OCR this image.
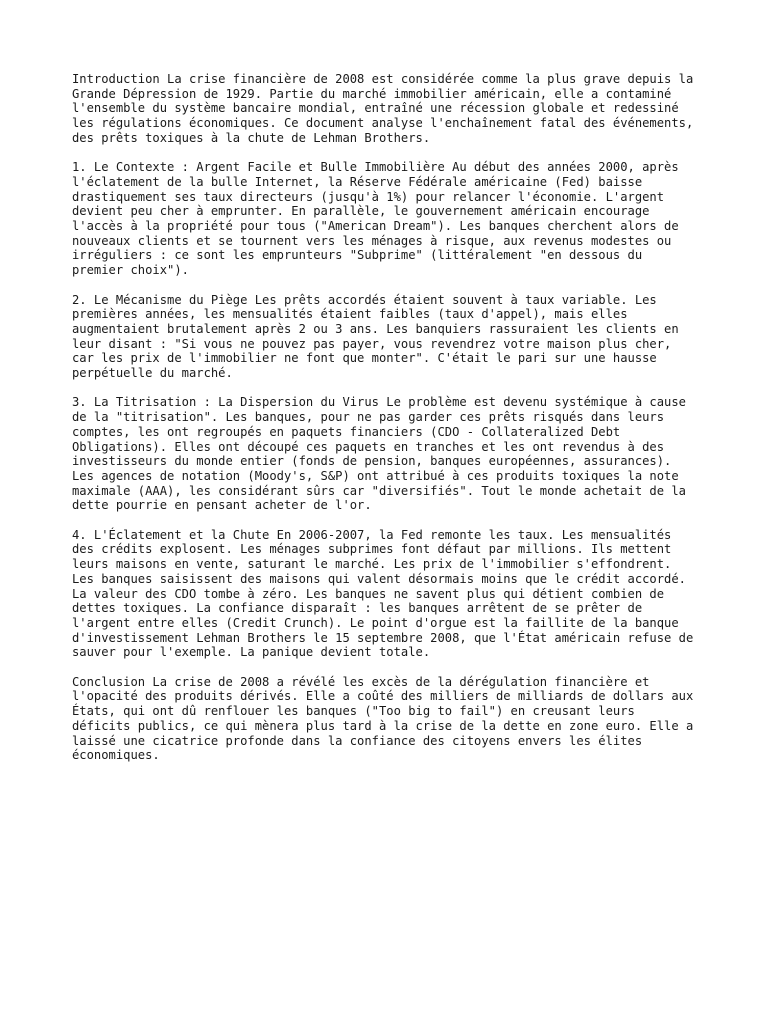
Introduction La crise financière de 2008 est considérée comme la plus grave depuis la Grande Dépression de 1929. Partie du marché immobilier américain, elle a contaminé l'ensemble du système bancaire mondial, entraîné une récession globale et redessiné les régulations économiques. Ce document analyse l'enchaînement fatal des événements, des prêts toxiques à la chute de Lehman Brothers.

1. Le Contexte : Argent Facile et Bulle Immobilière Au début des années 2000, après l'éclatement de la bulle Internet, la Réserve Fédérale américaine (Fed) baisse drastiquement ses taux directeurs (jusqu'à 1%) pour relancer l'économie. L'argent devient peu cher à emprunter. En parallèle, le gouvernement américain encourage l'accès à la propriété pour tous ("American Dream"). Les banques cherchent alors de nouveaux clients et se tournent vers les ménages à risque, aux revenus modestes ou irréguliers : ce sont les emprunteurs "Subprime" (littéralement "en dessous du premier choix").

2. Le Mécanisme du Piège Les prêts accordés étaient souvent à taux variable. Les premières années, les mensualités étaient faibles (taux d'appel), mais elles augmentaient brutalement après 2 ou 3 ans. Les banquiers rassuraient les clients en leur disant : "Si vous ne pouvez pas payer, vous revendrez votre maison plus cher, car les prix de l'immobilier ne font que monter". C'était le pari sur une hausse perpétuelle du marché.

3. La Titrisation : La Dispersion du Virus Le problème est devenu systémique à cause de la "titrisation". Les banques, pour ne pas garder ces prêts risqués dans leurs comptes, les ont regroupés en paquets financiers (CDO - Collateralized Debt Obligations). Elles ont découpé ces paquets en tranches et les ont revendus à des investisseurs du monde entier (fonds de pension, banques européennes, assurances). Les agences de notation (Moody's, S&P) ont attribué à ces produits toxiques la note maximale (AAA), les considérant sûrs car "diversifiés". Tout le monde achetait de la dette pourrie en pensant acheter de l'or.

4. L'Éclatement et la Chute En 2006-2007, la Fed remonte les taux. Les mensualités des crédits explosent. Les ménages subprimes font défaut par millions. Ils mettent leurs maisons en vente, saturant le marché. Les prix de l'immobilier s'effondrent. Les banques saisissent des maisons qui valent désormais moins que le crédit accordé. La valeur des CDO tombe à zéro. Les banques ne savent plus qui détient combien de dettes toxiques. La confiance disparaît : les banques arrêtent de se prêter de l'argent entre elles (Credit Crunch). Le point d'orgue est la faillite de la banque d'investissement Lehman Brothers le 15 septembre 2008, que l'État américain refuse de sauver pour l'exemple. La panique devient totale.

Conclusion La crise de 2008 a révélé les excès de la dérégulation financière et l'opacité des produits dérivés. Elle a coûté des milliers de milliards de dollars aux États, qui ont dû renflouer les banques ("Too big to fail") en creusant leurs déficits publics, ce qui mènera plus tard à la crise de la dette en zone euro. Elle a laissé une cicatrice profonde dans la confiance des citoyens envers les élites économiques.
